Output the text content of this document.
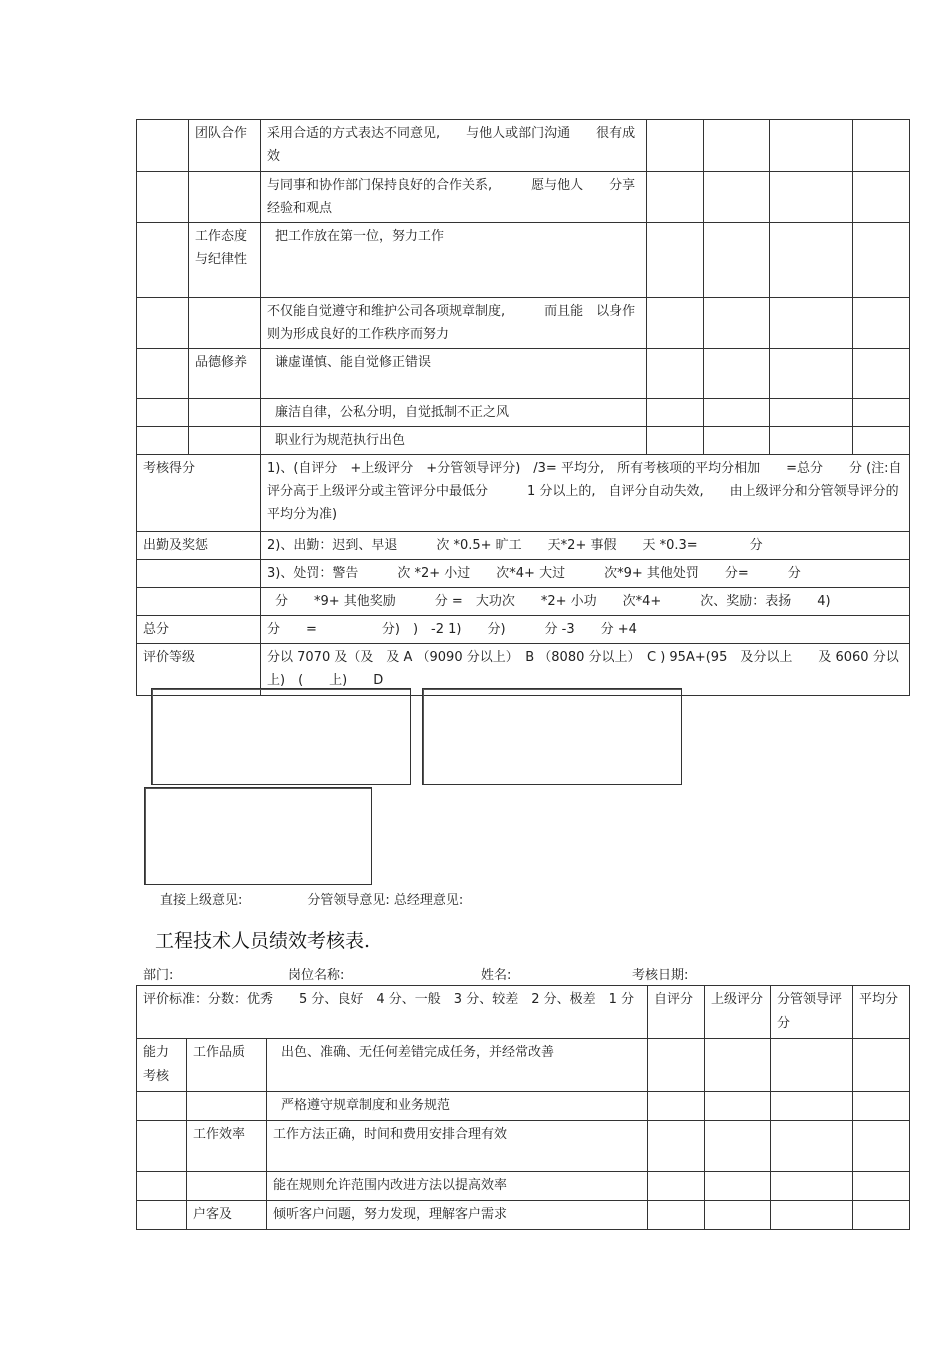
	团队合作	采用合适的方式表达不同意见,　　与他人或部门沟通　　很有成效				
		与同事和协作部门保持良好的合作关系,　　　愿与他人　　分享经验和观点				
	工作态度与纪律性	把工作放在第一位，努力工作				
		不仅能自觉遵守和维护公司各项规章制度,　　　而且能　以身作则为形成良好的工作秩序而努力				
	品德修养	谦虚谨慎、能自觉修正错误				
		廉洁自律，公私分明，自觉抵制不正之风				
		职业行为规范执行出色				
考核得分		1)、(自评分　+上级评分　+分管领导评分)　/3= 平均分,　所有考核项的平均分相加　　=总分　　分 (注:自评分高于上级评分或主管评分中最低分　　　1 分以上的,　自评分自动失效,　　由上级评分和分管领导评分的平均分为准)				
出勤及奖惩		2)、出勤：迟到、早退　　　次 *0.5+ 旷工　　天*2+ 事假　　天 *0.3=　　　　分				
		3)、处罚：警告　　　次 *2+ 小过　　次*4+ 大过　　　次*9+ 其他处罚　　分=　　　分				
		分　　*9+ 其他奖励　　　分 =　大功次　　*2+ 小功　　次*4+　　　次、奖励：表扬　　4)				
总分		分　　=　　　　　分)　)　-2 1)　　分)　　　分 -3　　分 +4				
评价等级		分以 7070 及（及　及 A （9090 分以上）　B （8080 分以上）　C ) 95A+(95　及分以上　　及 6060 分以上)　(　　上)　　D				
直接上级意见:　　　　　分管领导意见: 总经理意见:
工程技术人员绩效考核表.
部门:	岗位名称:	姓名:	考核日期:
评价标准：分数：优秀　　5 分、良好　4 分、一般　3 分、较差　2 分、极差　1 分			自评分	上级评分	分管领导评分	平均分
能力考核	工作品质	出色、准确、无任何差错完成任务，并经常改善				
		严格遵守规章制度和业务规范				
	工作效率	工作方法正确，时间和费用安排合理有效				
		能在规则允许范围内改进方法以提高效率				
	户客及	倾听客户问题，努力发现，理解客户需求				
